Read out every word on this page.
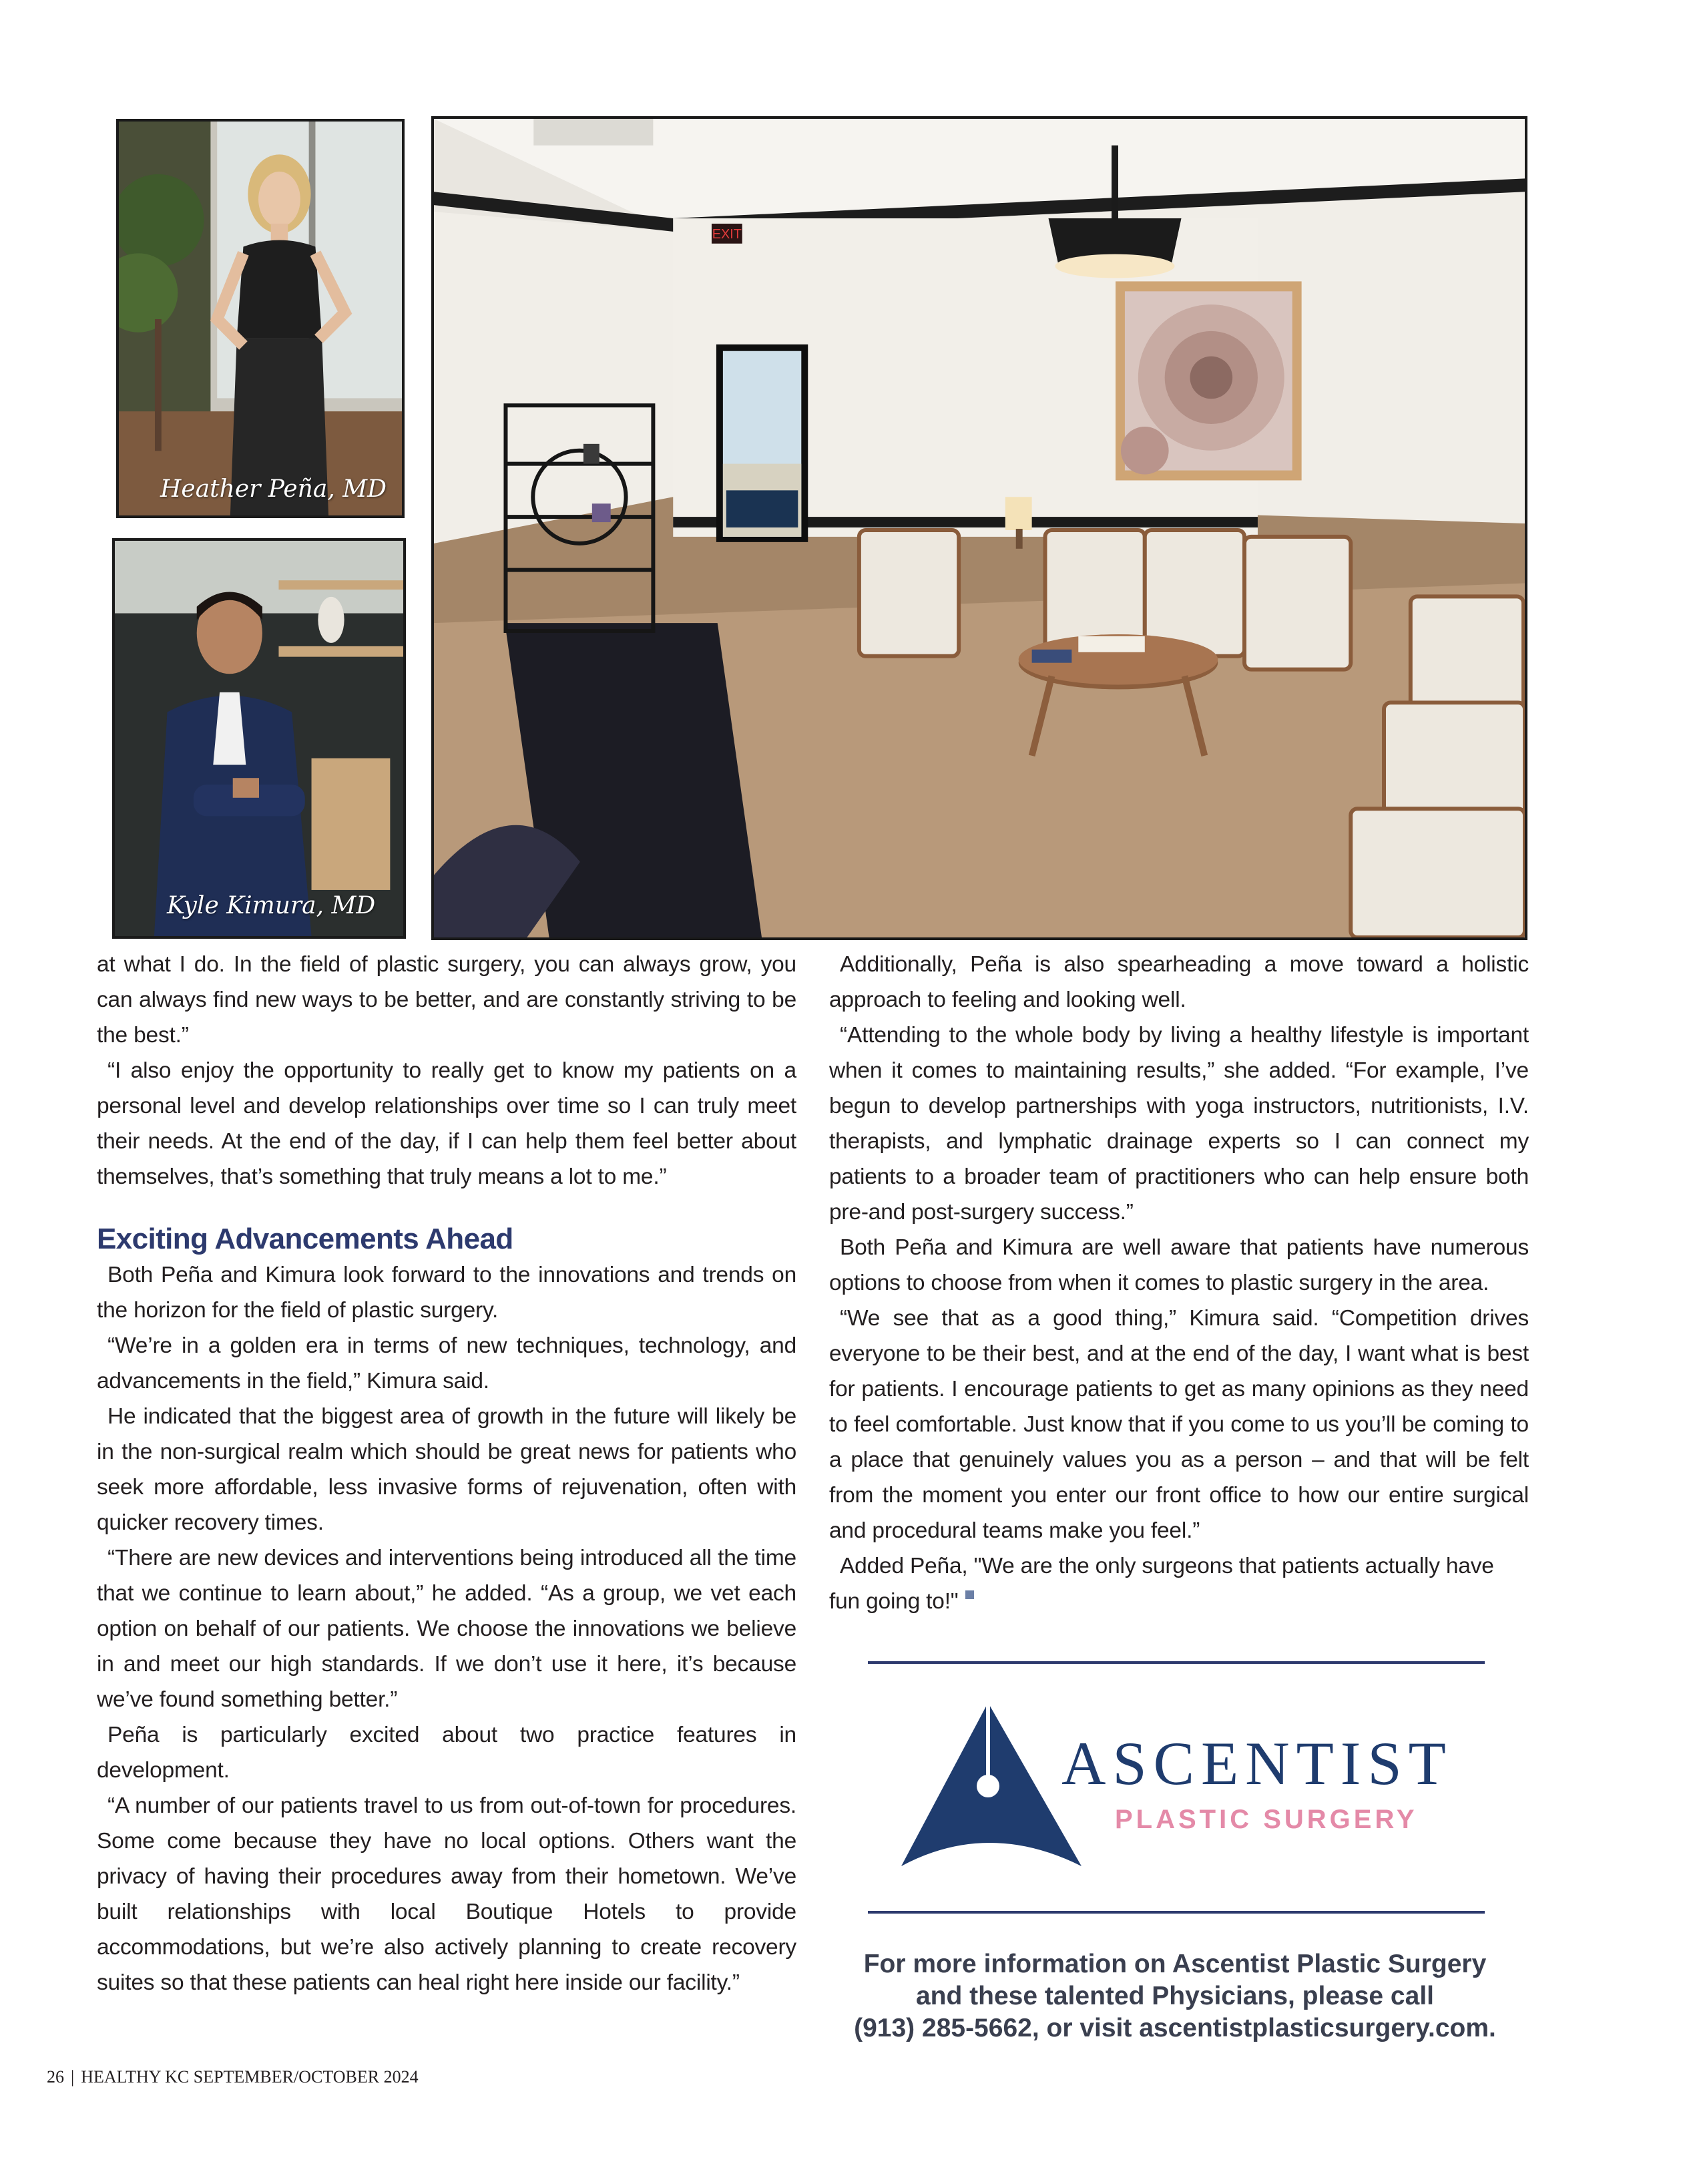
Heather Peña, MD
Kyle Kimura, MD
EXIT

at what I do. In the field of plastic surgery, you can always grow, you can always find new ways to be better, and are constantly striving to be the best.”

“I also enjoy the opportunity to really get to know my patients on a personal level and develop relationships over time so I can truly meet their needs. At the end of the day, if I can help them feel better about themselves, that’s something that truly means a lot to me.”

Exciting Advancements Ahead

Both Peña and Kimura look forward to the innovations and trends on the horizon for the field of plastic surgery.

“We’re in a golden era in terms of new techniques, technology, and advancements in the field,” Kimura said.

He indicated that the biggest area of growth in the future will likely be in the non-surgical realm which should be great news for patients who seek more affordable, less invasive forms of rejuvenation, often with quicker recovery times.

“There are new devices and interventions being introduced all the time that we continue to learn about,” he added. “As a group, we vet each option on behalf of our patients. We choose the innovations we believe in and meet our high standards. If we don’t use it here, it’s because we’ve found something better.”

Peña is particularly excited about two practice features in development.

“A number of our patients travel to us from out-of-town for procedures. Some come because they have no local options. Others want the privacy of having their procedures away from their hometown. We’ve built relationships with local Boutique Hotels to provide accommodations, but we’re also actively planning to create recovery suites so that these patients can heal right here inside our facility.”

Additionally, Peña is also spearheading a move toward a holistic approach to feeling and looking well.

“Attending to the whole body by living a healthy lifestyle is important when it comes to maintaining results,” she added. “For example, I’ve begun to develop partnerships with yoga instructors, nutritionists, I.V. therapists, and lymphatic drainage experts so I can connect my patients to a broader team of practitioners who can help ensure both pre-and post-surgery success.”

Both Peña and Kimura are well aware that patients have numerous options to choose from when it comes to plastic surgery in the area.

“We see that as a good thing,” Kimura said. “Competition drives everyone to be their best, and at the end of the day, I want what is best for patients. I encourage patients to get as many opinions as they need to feel comfortable. Just know that if you come to us you’ll be coming to a place that genuinely values you as a person – and that will be felt from the moment you enter our front office to how our entire surgical and procedural teams make you feel.”

Added Peña, "We are the only surgeons that patients actually have fun going to!"

ASCENTIST
PLASTIC SURGERY
For more information on Ascentist Plastic Surgery
and these talented Physicians, please call
(913) 285-5662, or visit ascentistplasticsurgery.com.
26 | HEALTHY KC SEPTEMBER/OCTOBER 2024
